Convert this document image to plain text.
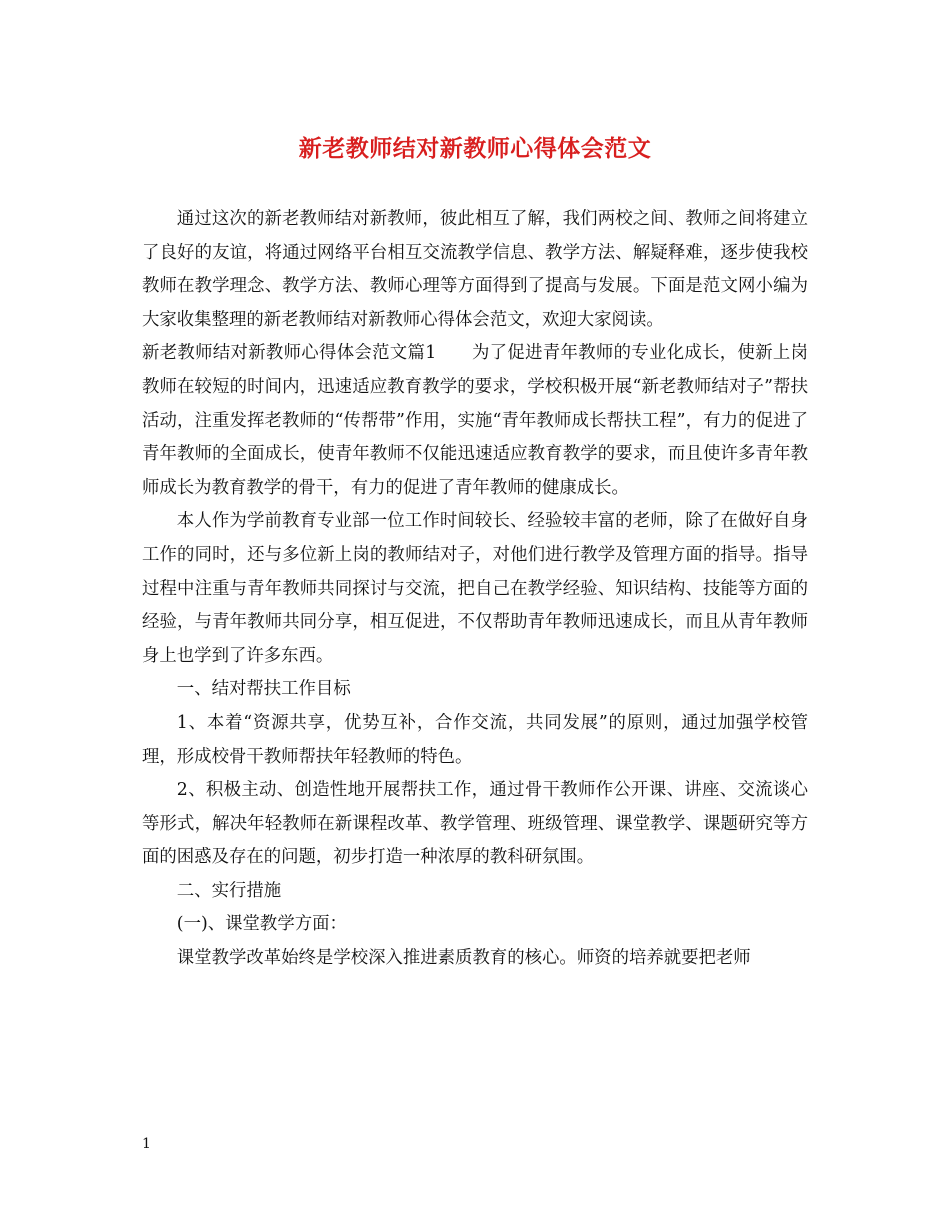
新老教师结对新教师心得体会范文

通过这次的新老教师结对新教师，彼此相互了解，我们两校之间、教师之间将建立了良好的友谊，将通过网络平台相互交流教学信息、教学方法、解疑释难，逐步使我校教师在教学理念、教学方法、教师心理等方面得到了提高与发展。下面是范文网小编为大家收集整理的新老教师结对新教师心得体会范文，欢迎大家阅读。

新老教师结对新教师心得体会范文篇1　　为了促进青年教师的专业化成长，使新上岗教师在较短的时间内，迅速适应教育教学的要求，学校积极开展“新老教师结对子”帮扶活动，注重发挥老教师的“传帮带”作用，实施“青年教师成长帮扶工程”，有力的促进了青年教师的全面成长，使青年教师不仅能迅速适应教育教学的要求，而且使许多青年教师成长为教育教学的骨干，有力的促进了青年教师的健康成长。

本人作为学前教育专业部一位工作时间较长、经验较丰富的老师，除了在做好自身工作的同时，还与多位新上岗的教师结对子，对他们进行教学及管理方面的指导。指导过程中注重与青年教师共同探讨与交流，把自己在教学经验、知识结构、技能等方面的经验，与青年教师共同分享，相互促进，不仅帮助青年教师迅速成长，而且从青年教师身上也学到了许多东西。

一、结对帮扶工作目标

1、本着“资源共享，优势互补，合作交流，共同发展”的原则，通过加强学校管理，形成校骨干教师帮扶年轻教师的特色。

2、积极主动、创造性地开展帮扶工作，通过骨干教师作公开课、讲座、交流谈心等形式，解决年轻教师在新课程改革、教学管理、班级管理、课堂教学、课题研究等方面的困惑及存在的问题，初步打造一种浓厚的教科研氛围。

二、实行措施

(一)、课堂教学方面：

课堂教学改革始终是学校深入推进素质教育的核心。师资的培养就要把老师

1
